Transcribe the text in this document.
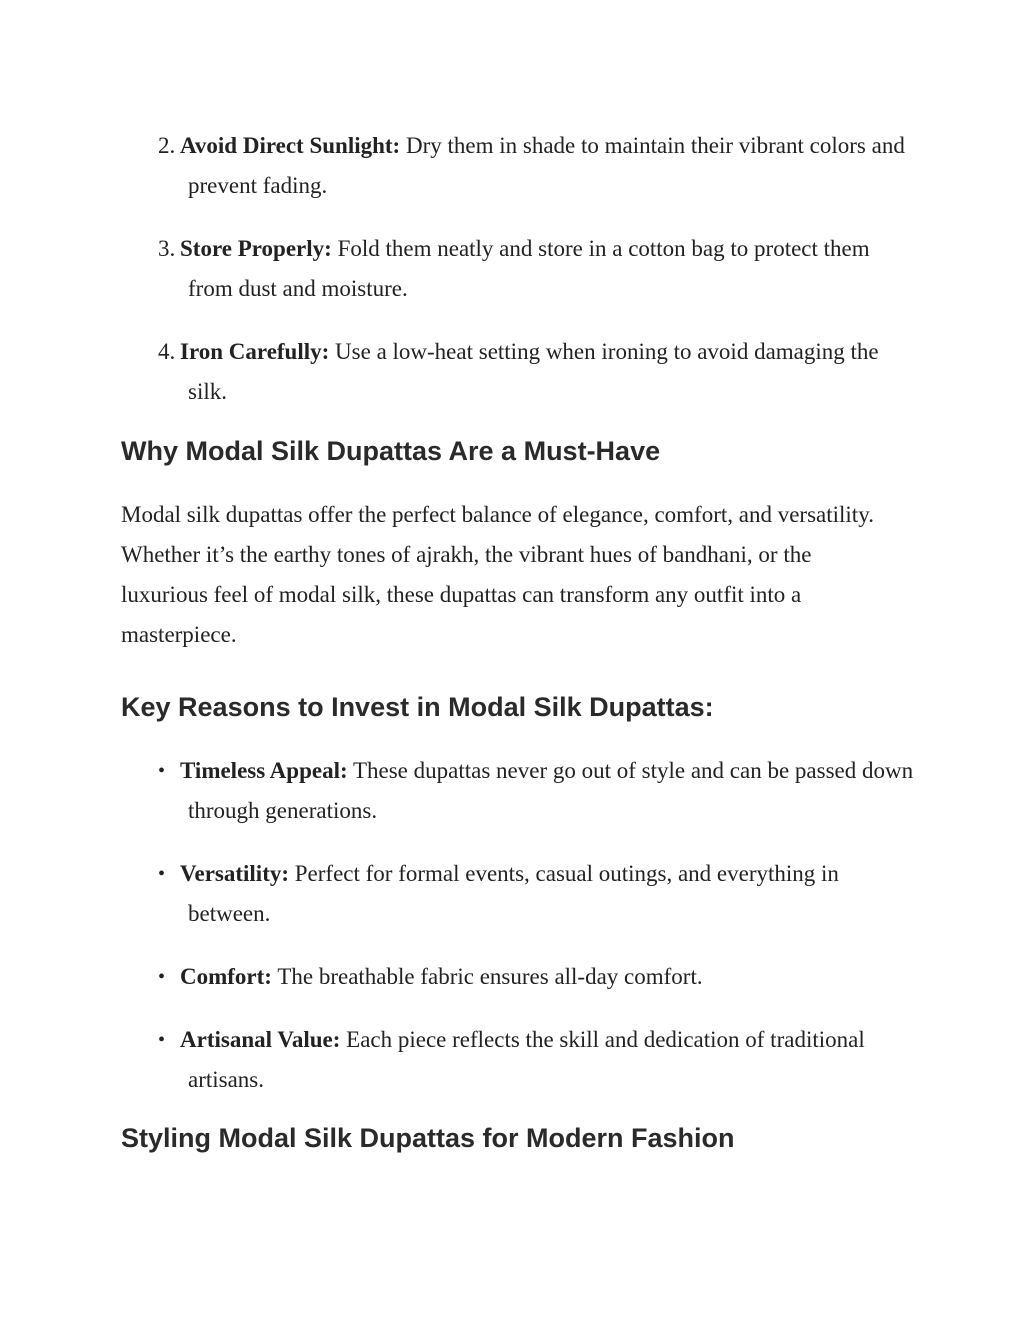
2. Avoid Direct Sunlight: Dry them in shade to maintain their vibrant colors and prevent fading.
3. Store Properly: Fold them neatly and store in a cotton bag to protect them from dust and moisture.
4. Iron Carefully: Use a low-heat setting when ironing to avoid damaging the silk.
Why Modal Silk Dupattas Are a Must-Have

Modal silk dupattas offer the perfect balance of elegance, comfort, and versatility. Whether it’s the earthy tones of ajrakh, the vibrant hues of bandhani, or the luxurious feel of modal silk, these dupattas can transform any outfit into a masterpiece.

Key Reasons to Invest in Modal Silk Dupattas:
• Timeless Appeal: These dupattas never go out of style and can be passed down through generations.
• Versatility: Perfect for formal events, casual outings, and everything in between.
• Comfort: The breathable fabric ensures all-day comfort.
• Artisanal Value: Each piece reflects the skill and dedication of traditional artisans.
Styling Modal Silk Dupattas for Modern Fashion
